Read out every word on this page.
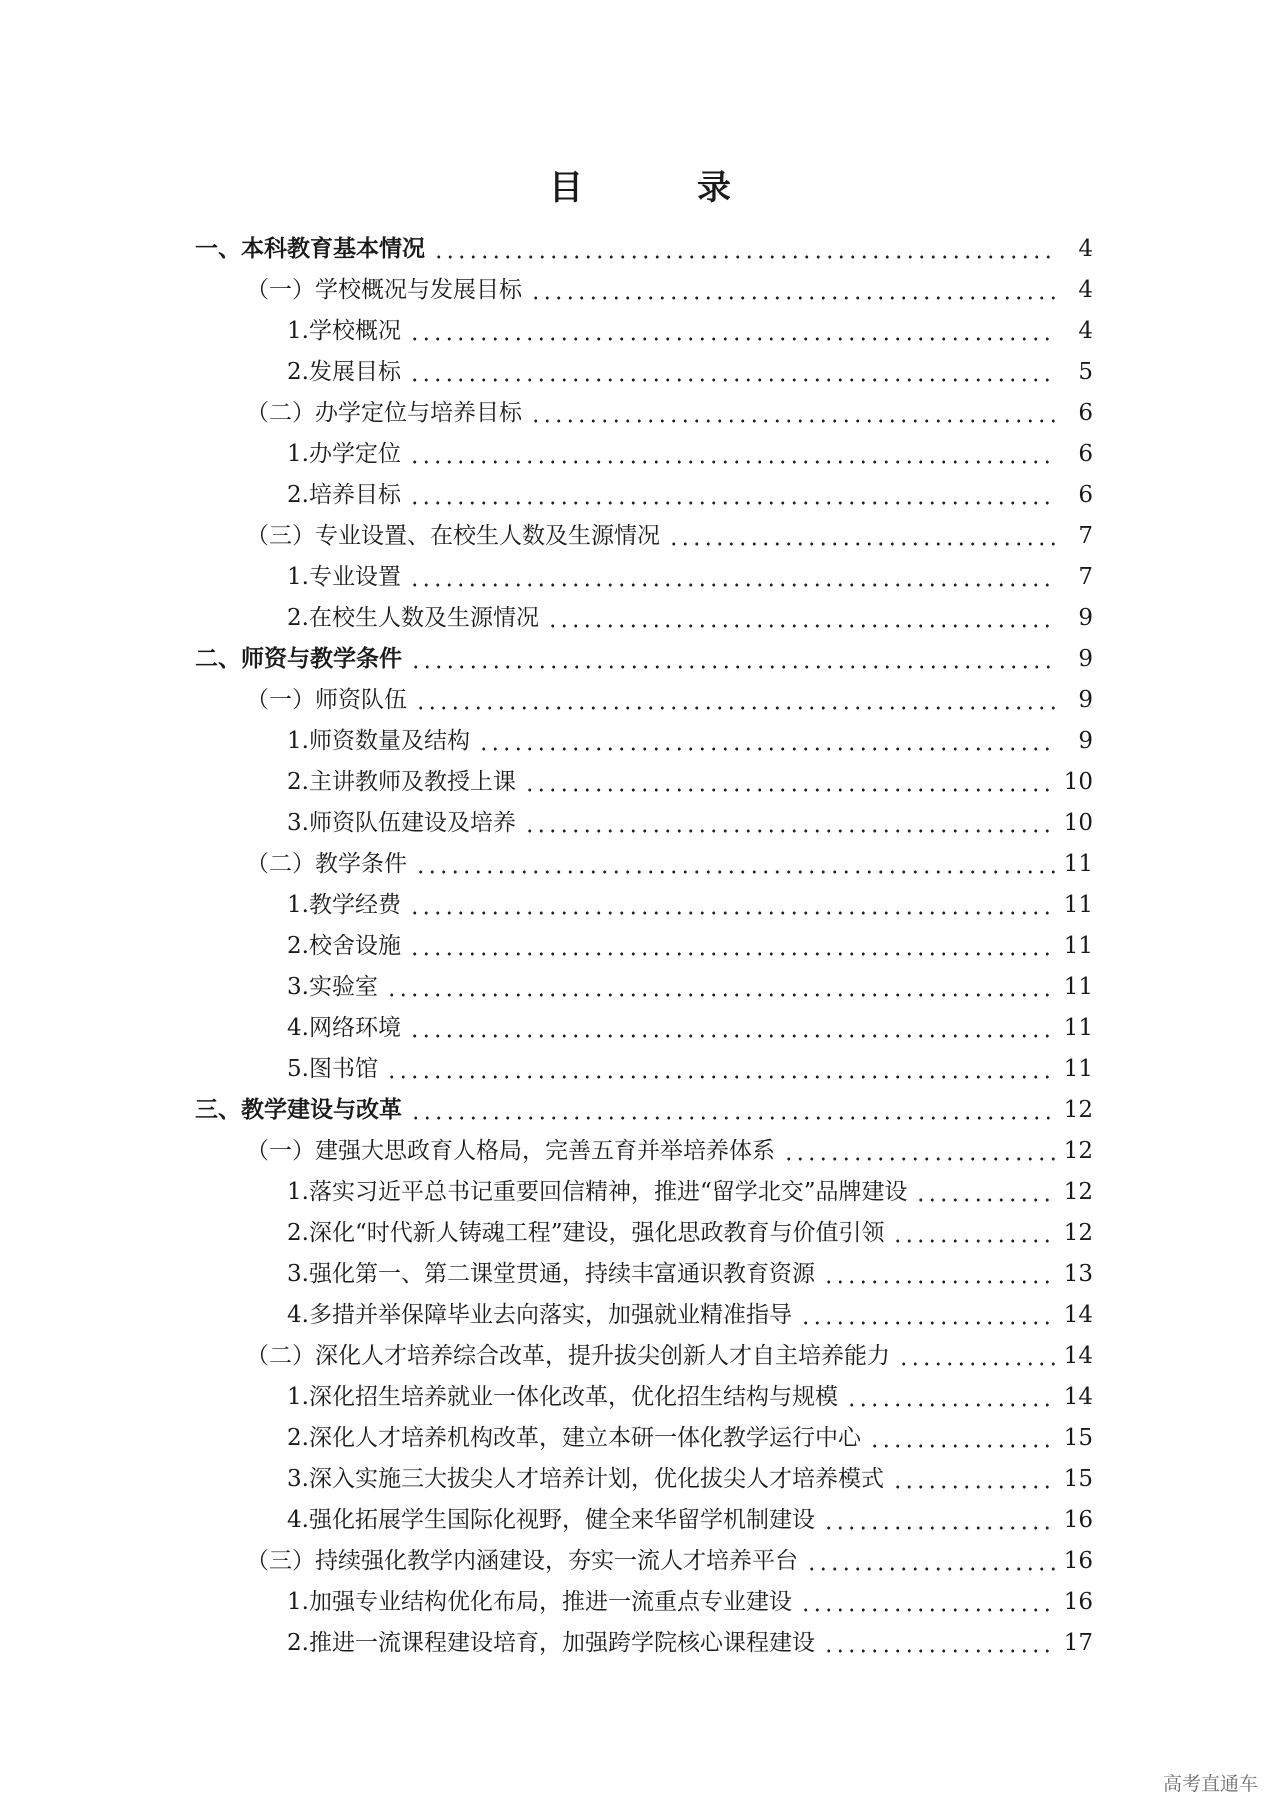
目　录
一、本科教育基本情况	4
（一）学校概况与发展目标	4
1.学校概况	4
2.发展目标	5
（二）办学定位与培养目标	6
1.办学定位	6
2.培养目标	6
（三）专业设置、在校生人数及生源情况	7
1.专业设置	7
2.在校生人数及生源情况	9
二、师资与教学条件	9
（一）师资队伍	9
1.师资数量及结构	9
2.主讲教师及教授上课	10
3.师资队伍建设及培养	10
（二）教学条件	11
1.教学经费	11
2.校舍设施	11
3.实验室	11
4.网络环境	11
5.图书馆	11
三、教学建设与改革	12
（一）建强大思政育人格局，完善五育并举培养体系	12
1.落实习近平总书记重要回信精神，推进“留学北交”品牌建设	12
2.深化“时代新人铸魂工程”建设，强化思政教育与价值引领	12
3.强化第一、第二课堂贯通，持续丰富通识教育资源	13
4.多措并举保障毕业去向落实，加强就业精准指导	14
（二）深化人才培养综合改革，提升拔尖创新人才自主培养能力	14
1.深化招生培养就业一体化改革，优化招生结构与规模	14
2.深化人才培养机构改革，建立本研一体化教学运行中心	15
3.深入实施三大拔尖人才培养计划，优化拔尖人才培养模式	15
4.强化拓展学生国际化视野，健全来华留学机制建设	16
（三）持续强化教学内涵建设，夯实一流人才培养平台	16
1.加强专业结构优化布局，推进一流重点专业建设	16
2.推进一流课程建设培育，加强跨学院核心课程建设	17
高考直通车
